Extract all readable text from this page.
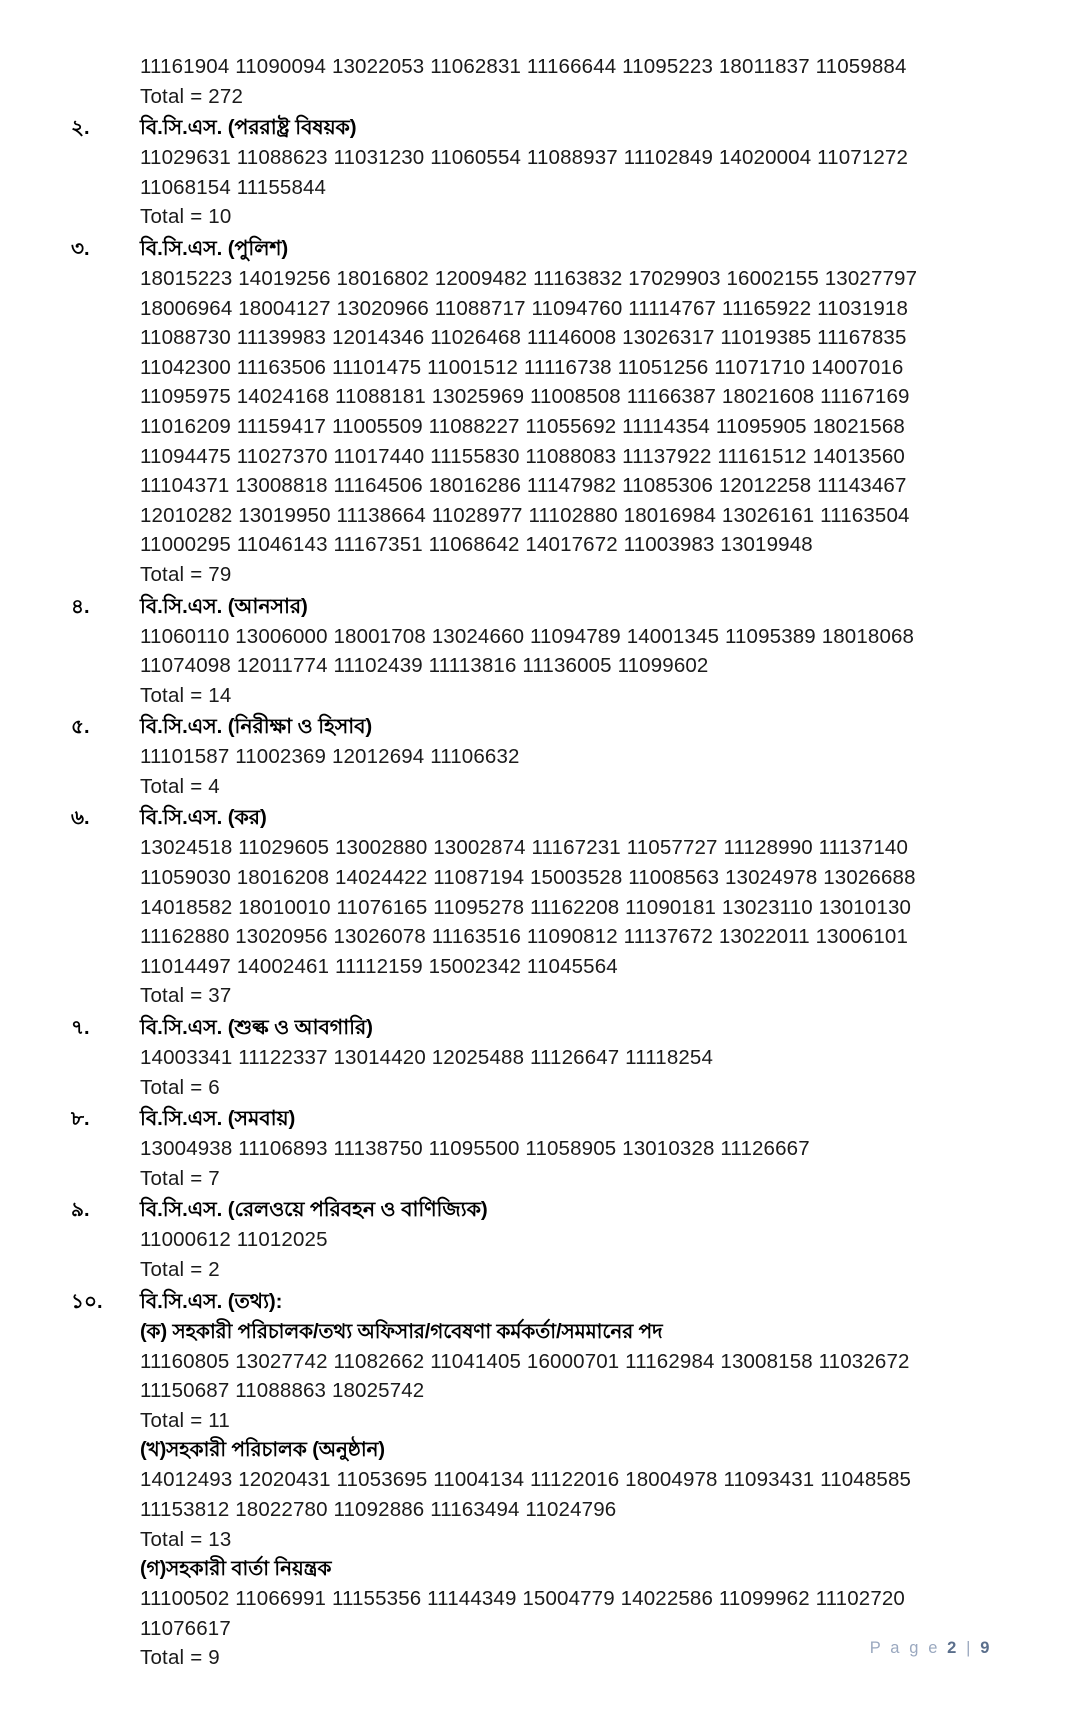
11161904 11090094 13022053 11062831 11166644 11095223 18011837 11059884
Total = 272
২.	বি.সি.এস. (পররাষ্ট্র বিষয়ক)
11029631 11088623 11031230 11060554 11088937 11102849 14020004 11071272
11068154 11155844
Total = 10
৩.	বি.সি.এস. (পুলিশ)
18015223 14019256 18016802 12009482 11163832 17029903 16002155 13027797
18006964 18004127 13020966 11088717 11094760 11114767 11165922 11031918
11088730 11139983 12014346 11026468 11146008 13026317 11019385 11167835
11042300 11163506 11101475 11001512 11116738 11051256 11071710 14007016
11095975 14024168 11088181 13025969 11008508 11166387 18021608 11167169
11016209 11159417 11005509 11088227 11055692 11114354 11095905 18021568
11094475 11027370 11017440 11155830 11088083 11137922 11161512 14013560
11104371 13008818 11164506 18016286 11147982 11085306 12012258 11143467
12010282 13019950 11138664 11028977 11102880 18016984 13026161 11163504
11000295 11046143 11167351 11068642 14017672 11003983 13019948
Total = 79
৪.	বি.সি.এস. (আনসার)
11060110 13006000 18001708 13024660 11094789 14001345 11095389 18018068
11074098 12011774 11102439 11113816 11136005 11099602
Total = 14
৫.	বি.সি.এস. (নিরীক্ষা ও হিসাব)
11101587 11002369 12012694 11106632
Total = 4
৬.	বি.সি.এস. (কর)
13024518 11029605 13002880 13002874 11167231 11057727 11128990 11137140
11059030 18016208 14024422 11087194 15003528 11008563 13024978 13026688
14018582 18010010 11076165 11095278 11162208 11090181 13023110 13010130
11162880 13020956 13026078 11163516 11090812 11137672 13022011 13006101
11014497 14002461 11112159 15002342 11045564
Total = 37
৭.	বি.সি.এস. (শুল্ক ও আবগারি)
14003341 11122337 13014420 12025488 11126647 11118254
Total = 6
৮.	বি.সি.এস. (সমবায়)
13004938 11106893 11138750 11095500 11058905 13010328 11126667
Total = 7
৯.	বি.সি.এস. (রেলওয়ে পরিবহন ও বাণিজ্যিক)
11000612 11012025
Total = 2
১০.	বি.সি.এস. (তথ্য):
(ক) সহকারী পরিচালক/তথ্য অফিসার/গবেষণা কর্মকর্তা/সমমানের পদ
11160805 13027742 11082662 11041405 16000701 11162984 13008158 11032672
11150687 11088863 18025742
Total = 11
(খ)সহকারী পরিচালক (অনুষ্ঠান)
14012493 12020431 11053695 11004134 11122016 18004978 11093431 11048585
11153812 18022780 11092886 11163494 11024796
Total = 13
(গ)সহকারী বার্তা নিয়ন্ত্রক
11100502 11066991 11155356 11144349 15004779 14022586 11099962 11102720
11076617
Total = 9	P a g e 2 | 9
